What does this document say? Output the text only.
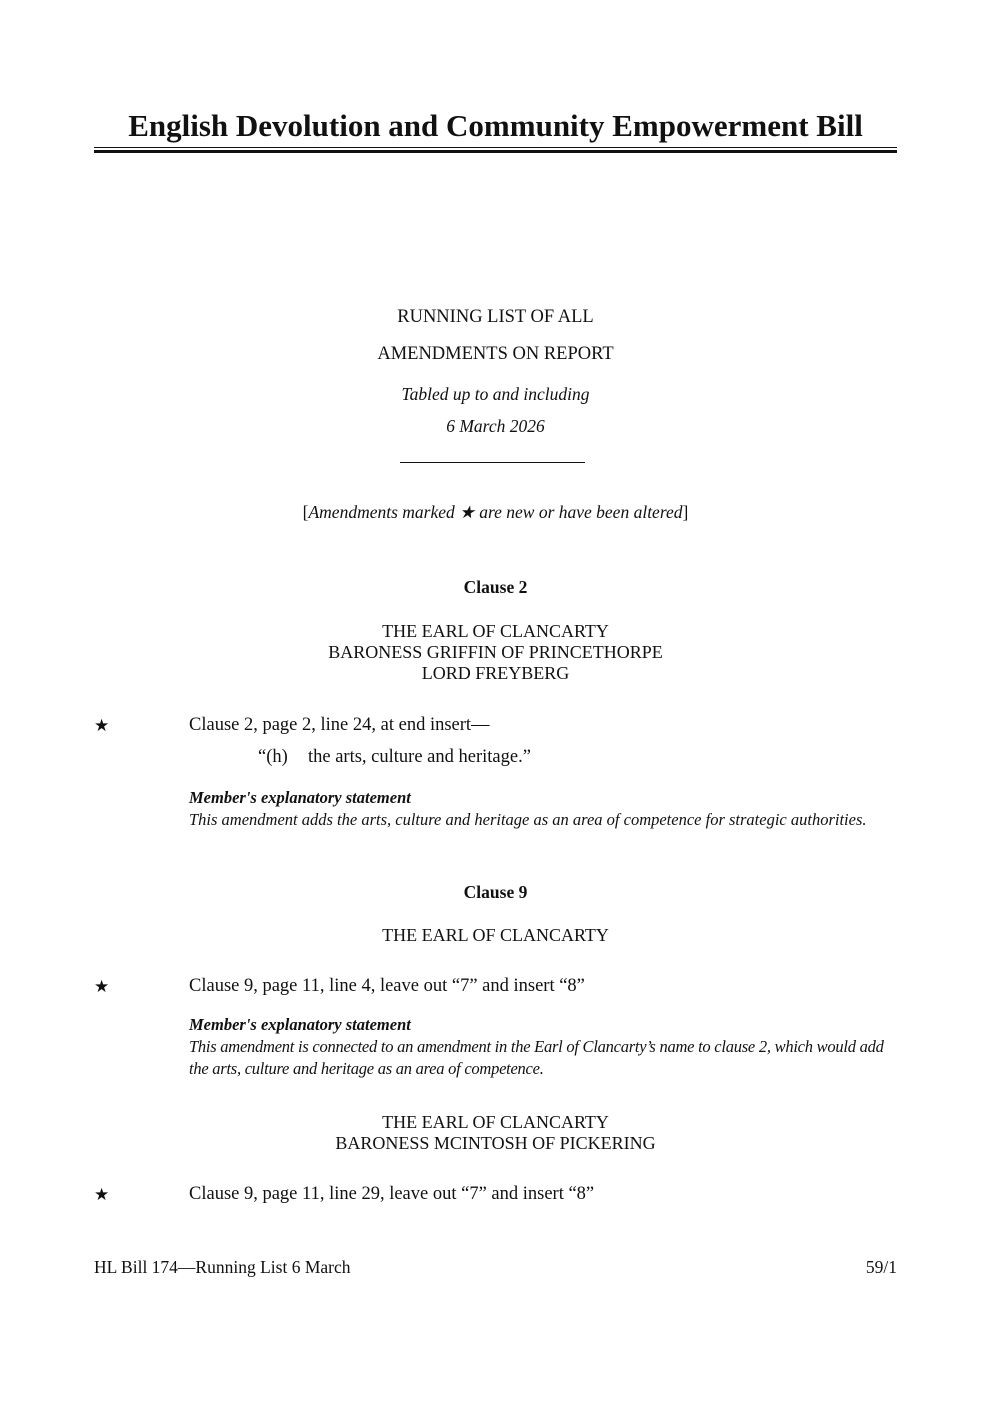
English Devolution and Community Empowerment Bill
RUNNING LIST OF ALL
AMENDMENTS ON REPORT
Tabled up to and including
6 March 2026
[Amendments marked ★ are new or have been altered]
Clause 2
THE EARL OF CLANCARTY
BARONESS GRIFFIN OF PRINCETHORPE
LORD FREYBERG
★	Clause 2, page 2, line 24, at end insert—
“(h) the arts, culture and heritage.”
Member's explanatory statement
This amendment adds the arts, culture and heritage as an area of competence for strategic authorities.
Clause 9
THE EARL OF CLANCARTY
★	Clause 9, page 11, line 4, leave out “7” and insert “8”
Member's explanatory statement
This amendment is connected to an amendment in the Earl of Clancarty’s name to clause 2, which would add the arts, culture and heritage as an area of competence.
THE EARL OF CLANCARTY
BARONESS MCINTOSH OF PICKERING
★	Clause 9, page 11, line 29, leave out “7” and insert “8”
HL Bill 174—Running List 6 March	59/1
